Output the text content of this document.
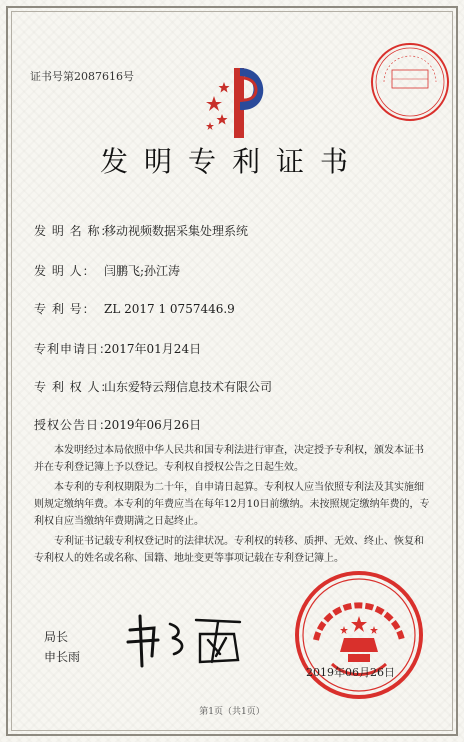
证书号第2087616号
发明专利证书
发 明 名 称：移动视频数据采集处理系统
发 明 人： 闫鹏飞;孙江涛
专 利 号： ZL 2017 1 0757446.9
专利申请日：2017年01月24日
专 利 权 人：山东爱特云翔信息技术有限公司
授权公告日：2019年06月26日

本发明经过本局依照中华人民共和国专利法进行审查，决定授予专利权，颁发本证书并在专利登记簿上予以登记。专利权自授权公告之日起生效。

本专利的专利权期限为二十年，自申请日起算。专利权人应当依照专利法及其实施细则规定缴纳年费。本专利的年费应当在每年12月10日前缴纳。未按照规定缴纳年费的，专利权自应当缴纳年费期满之日起终止。

专利证书记载专利权登记时的法律状况。专利权的转移、质押、无效、终止、恢复和专利权人的姓名或名称、国籍、地址变更等事项记载在专利登记簿上。

局长
申长雨
2019年06月26日
第1页（共1页）
